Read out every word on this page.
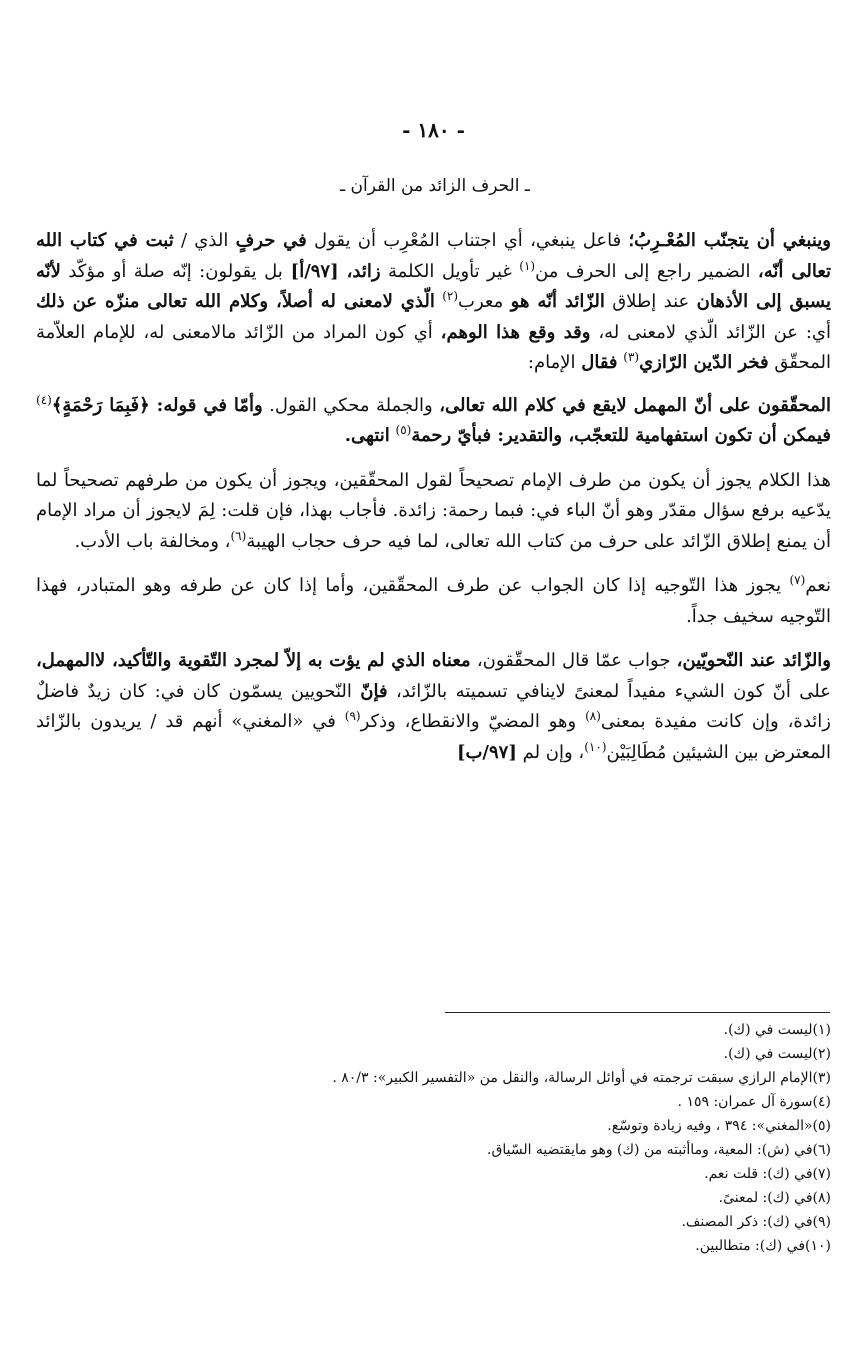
- ١٨٠ -
ـ الحرف الزائد من القرآن ـ

وينبغي أن يتجنّب المُعْـرِبُ؛ فاعل ينبغي، أي اجتناب المُعْرِب أن يقول في حرفٍ الذي / ثبت في كتاب الله تعالى أنّه، الضمير راجع إلى الحرف من$^{(١)}$ غير تأويل الكلمة زائد، [٩٧/أ] بل يقولون: إنّه صلة أو مؤكّد لأنّه يسبق إلى الأذهان عند إطلاق الزّائد أنّه هو معرب$^{(٢)}$ الّذي لامعنى له أصلاً، وكلام الله تعالى منزّه عن ذلك أي: عن الزّائد الّذي لامعنى له، وقد وقع هذا الوهم، أي كون المراد من الزّائد مالامعنى له، للإمام العلاّمة المحقّق فخر الدّين الرّازي$^{(٣)}$ فقال الإمام:

المحقّقون على أنّ المهمل لايقع في كلام الله تعالى، والجملة محكي القول. وأمّا في قوله: ﴿فَبِمَا رَحْمَةٍ﴾$^{(٤)}$ فيمكن أن تكون استفهامية للتعجّب، والتقدير: فبأيّ رحمة$^{(٥)}$ انتهى.

هذا الكلام يجوز أن يكون من طرف الإمام تصحيحاً لقول المحقّقين، ويجوز أن يكون من طرفهم تصحيحاً لما يدّعيه برفع سؤال مقدّر وهو أنّ الباء في: فبما رحمة: زائدة. فأجاب بهذا، فإن قلت: لِمَ لايجوز أن مراد الإمام أن يمنع إطلاق الزّائد على حرف من كتاب الله تعالى، لما فيه حرف حجاب الهيبة$^{(٦)}$، ومخالفة باب الأدب.

نعم$^{(٧)}$ يجوز هذا التّوجيه إذا كان الجواب عن طرف المحقّقين، وأما إذا كان عن طرفه وهو المتبادر، فهذا التّوجيه سخيف جداً.

والزّائد عند النّحويّين، جواب عمّا قال المحقّقون، معناه الذي لم يؤت به إلاّ لمجرد التّقوية والتّأكيد، لاالمهمل، على أنّ كون الشيء مفيداً لمعنىً لاينافي تسميته بالزّائد، فإنّ النّحويين يسمّون كان في: كان زيدٌ فاضلٌ زائدة، وإن كانت مفيدة بمعنى$^{(٨)}$ وهو المضيّ والانقطاع، وذكر$^{(٩)}$ في «المغني» أنهم قد / يريدون بالزّائد المعترض بين الشيئين مُطَالِبَيْن$^{(١٠)}$، وإن لم [٩٧/ب]

(١)ليست في (ك).

(٢)ليست في (ك).

(٣)الإمام الرازي سبقت ترجمته في أوائل الرسالة، والنقل من «التفسير الكبير»: ٨٠/٣ .

(٤)سورة آل عمران: ١٥٩ .

(٥)«المغني»: ٣٩٤ ، وفيه زيادة وتوسّع.

(٦)في (ش): المعية، وماأثبته من (ك) وهو مايقتضيه السّياق.

(٧)في (ك): قلت نعم.

(٨)في (ك): لمعنىً.

(٩)في (ك): ذكر المصنف.

(١٠)في (ك): متطالبين.
